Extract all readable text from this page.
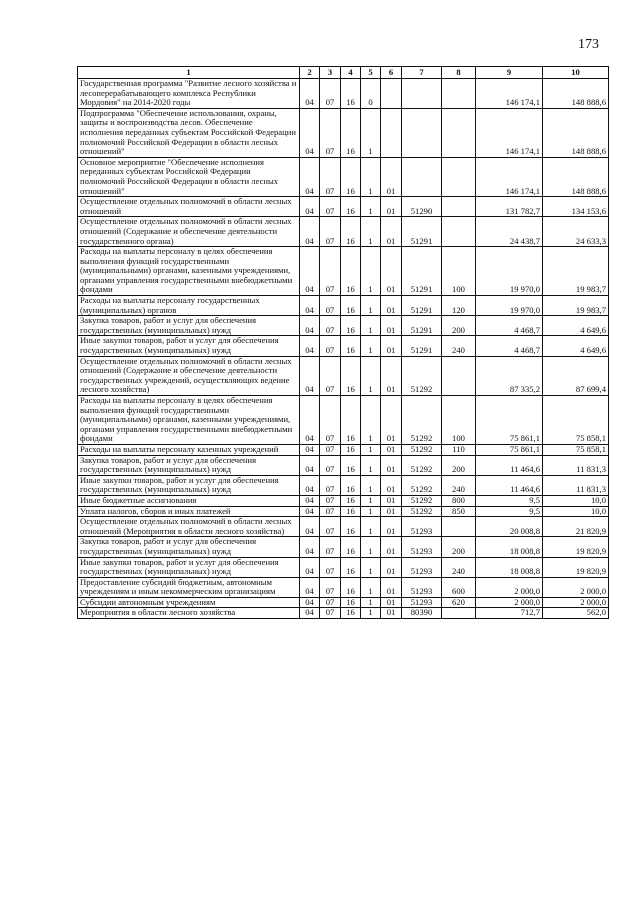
173
1	2	3	4	5	6	7	8	9	10
Государственная программа "Развитие лесного хозяйства и лесоперерабатывающего комплекса Республики Мордовия" на 2014-2020 годы	04	07	16	0				146 174,1	148 888,6
Подпрограмма "Обеспечение использования, охраны, защиты и воспроизводства лесов. Обеспечение исполнения переданных субъектам Российской Федерации полномочий Российской Федерации в области лесных отношений"	04	07	16	1				146 174,1	148 888,6
Основное мероприятие "Обеспечение исполнения переданных субъектам Российской Федерации полномочий Российской Федерации в области лесных отношений"	04	07	16	1	01			146 174,1	148 888,6
Осуществление отдельных полномочий в области лесных отношений	04	07	16	1	01	51290		131 782,7	134 153,6
Осуществление отдельных полномочий в области лесных отношений (Содержание и обеспечение деятельности государственного органа)	04	07	16	1	01	51291		24 438,7	24 633,3
Расходы на выплаты персоналу в целях обеспечения выполнения функций государственными (муниципальными) органами, казенными учреждениями, органами управления государственными внебюджетными фондами	04	07	16	1	01	51291	100	19 970,0	19 983,7
Расходы на выплаты персоналу государственных (муниципальных) органов	04	07	16	1	01	51291	120	19 970,0	19 983,7
Закупка товаров, работ и услуг для обеспечения государственных (муниципальных) нужд	04	07	16	1	01	51291	200	4 468,7	4 649,6
Иные закупки товаров, работ и услуг для обеспечения государственных (муниципальных) нужд	04	07	16	1	01	51291	240	4 468,7	4 649,6
Осуществление отдельных полномочий в области лесных отношений (Содержание и обеспечение деятельности государственных учреждений, осуществляющих ведение лесного хозяйства)	04	07	16	1	01	51292		87 335,2	87 699,4
Расходы на выплаты персоналу в целях обеспечения выполнения функций государственными (муниципальными) органами, казенными учреждениями, органами управления государственными внебюджетными фондами	04	07	16	1	01	51292	100	75 861,1	75 858,1
Расходы на выплаты персоналу казенных учреждений	04	07	16	1	01	51292	110	75 861,1	75 858,1
Закупка товаров, работ и услуг для обеспечения государственных (муниципальных) нужд	04	07	16	1	01	51292	200	11 464,6	11 831,3
Иные закупки товаров, работ и услуг для обеспечения государственных (муниципальных) нужд	04	07	16	1	01	51292	240	11 464,6	11 831,3
Иные бюджетные ассигнования	04	07	16	1	01	51292	800	9,5	10,0
Уплата налогов, сборов и иных платежей	04	07	16	1	01	51292	850	9,5	10,0
Осуществление отдельных полномочий в области лесных отношений (Мероприятия в области лесного хозяйства)	04	07	16	1	01	51293		20 008,8	21 820,9
Закупка товаров, работ и услуг для обеспечения государственных (муниципальных) нужд	04	07	16	1	01	51293	200	18 008,8	19 820,9
Иные закупки товаров, работ и услуг для обеспечения государственных (муниципальных) нужд	04	07	16	1	01	51293	240	18 008,8	19 820,9
Предоставление субсидий бюджетным, автономным учреждениям и иным некоммерческим организациям	04	07	16	1	01	51293	600	2 000,0	2 000,0
Субсидии автономным учреждениям	04	07	16	1	01	51293	620	2 000,0	2 000,0
Мероприятия в области лесного хозяйства	04	07	16	1	01	80390		712,7	562,0
